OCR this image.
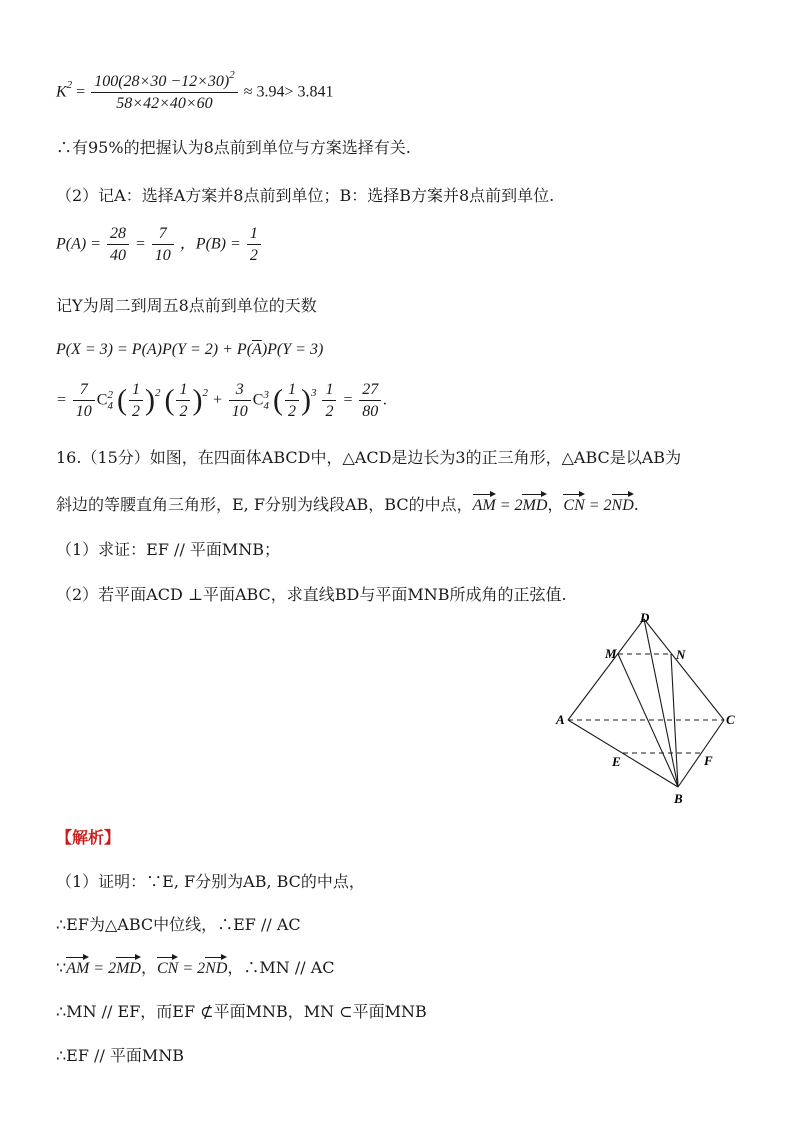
$K^2 = \frac{100(28\times 30 -12\times 30)^2}{58\times 42\times 40\times 60} \approx 3.94> 3.841$
∴有95%的把握认为8点前到单位与方案选择有关.
（2）记A：选择A方案并8点前到单位；B：选择B方案并8点前到单位.
$P(A) = \frac{28}{40} = \frac{7}{10}$ ，$P(B) = \frac{1}{2}$
记Y为周二到周五8点前到单位的天数
$P(X = 3) = P(A)P(Y = 2) + P(\overline{A})P(Y = 3)$
= $\frac{7}{10}$ C 2
4 ( $\frac{1}{2} )^2$ ( $\frac{1}{2} )^2 + \frac{3}{10}$ C 3
4 ( $\frac{1}{2} )^3 \frac{1}{2} = \frac{27}{80}$ .
16.（15分）如图，在四面体ABCD中，△ACD是边长为3的正三角形，△ABC是以AB为
斜边的等腰直角三角形，E, F分别为线段AB，BC的中点，AM = 2MD，CN = 2ND.
（1）求证：EF // 平面MNB；
（2）若平面ACD ⊥平面ABC，求直线BD与平面MNB所成角的正弦值.
D
M	N
A	C
E	F
B
【解析】
（1）证明：∵E, F分别为AB, BC的中点，
∴EF为△ABC中位线，∴EF // AC
∵AM = 2MD，CN = 2ND，∴MN // AC
∴MN // EF，而EF ⊄平面MNB，MN ⊂平面MNB
∴EF // 平面MNB
